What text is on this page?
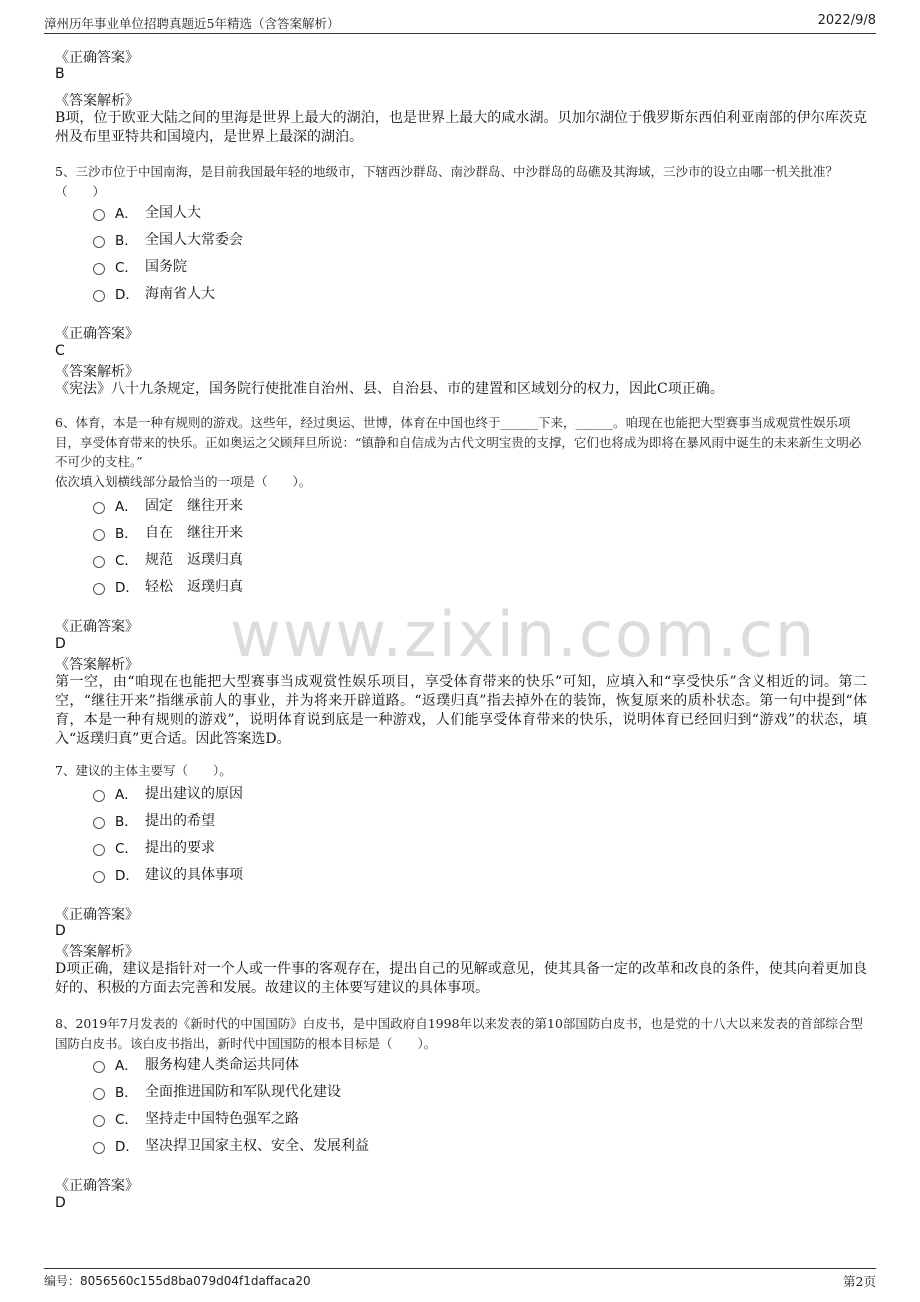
漳州历年事业单位招聘真题近5年精选（含答案解析）	2022/9/8
www.zixin.com.cn
《正确答案》
B
《答案解析》
B项，位于欧亚大陆之间的里海是世界上最大的湖泊，也是世界上最大的咸水湖。贝加尔湖位于俄罗斯东西伯利亚南部的伊尔库茨克州及布里亚特共和国境内，是世界上最深的湖泊。
5、三沙市位于中国南海，是目前我国最年轻的地级市，下辖西沙群岛、南沙群岛、中沙群岛的岛礁及其海域，三沙市的设立由哪一机关批准？（　　）
A． 全国人大
B． 全国人大常委会
C． 国务院
D． 海南省人大
《正确答案》
C
《答案解析》
《宪法》八十九条规定，国务院行使批准自治州、县、自治县、市的建置和区域划分的权力，因此C项正确。
6、体育，本是一种有规则的游戏。这些年，经过奥运、世博，体育在中国也终于______下来，______。咱现在也能把大型赛事当成观赏性娱乐项目，享受体育带来的快乐。正如奥运之父顾拜旦所说：“镇静和自信成为古代文明宝贵的支撑，它们也将成为即将在暴风雨中诞生的未来新生文明必不可少的支柱。”
依次填入划横线部分最恰当的一项是（　　）。
A． 固定　继往开来
B． 自在　继往开来
C． 规范　返璞归真
D． 轻松　返璞归真
《正确答案》
D
《答案解析》
第一空，由“咱现在也能把大型赛事当成观赏性娱乐项目，享受体育带来的快乐”可知，应填入和“享受快乐”含义相近的词。第二空，“继往开来”指继承前人的事业，并为将来开辟道路。“返璞归真”指去掉外在的装饰，恢复原来的质朴状态。第一句中提到“体育，本是一种有规则的游戏”，说明体育说到底是一种游戏，人们能享受体育带来的快乐，说明体育已经回归到“游戏”的状态，填入“返璞归真”更合适。因此答案选D。
7、建议的主体主要写（　　）。
A． 提出建议的原因
B． 提出的希望
C． 提出的要求
D． 建议的具体事项
《正确答案》
D
《答案解析》
D项正确，建议是指针对一个人或一件事的客观存在，提出自己的见解或意见，使其具备一定的改革和改良的条件，使其向着更加良好的、积极的方面去完善和发展。故建议的主体要写建议的具体事项。
8、2019年7月发表的《新时代的中国国防》白皮书，是中国政府自1998年以来发表的第10部国防白皮书，也是党的十八大以来发表的首部综合型国防白皮书。该白皮书指出，新时代中国国防的根本目标是（　　）。
A． 服务构建人类命运共同体
B． 全面推进国防和军队现代化建设
C． 坚持走中国特色强军之路
D． 坚决捍卫国家主权、安全、发展利益
《正确答案》
D
编号：8056560c155d8ba079d04f1daffaca20	第2页
